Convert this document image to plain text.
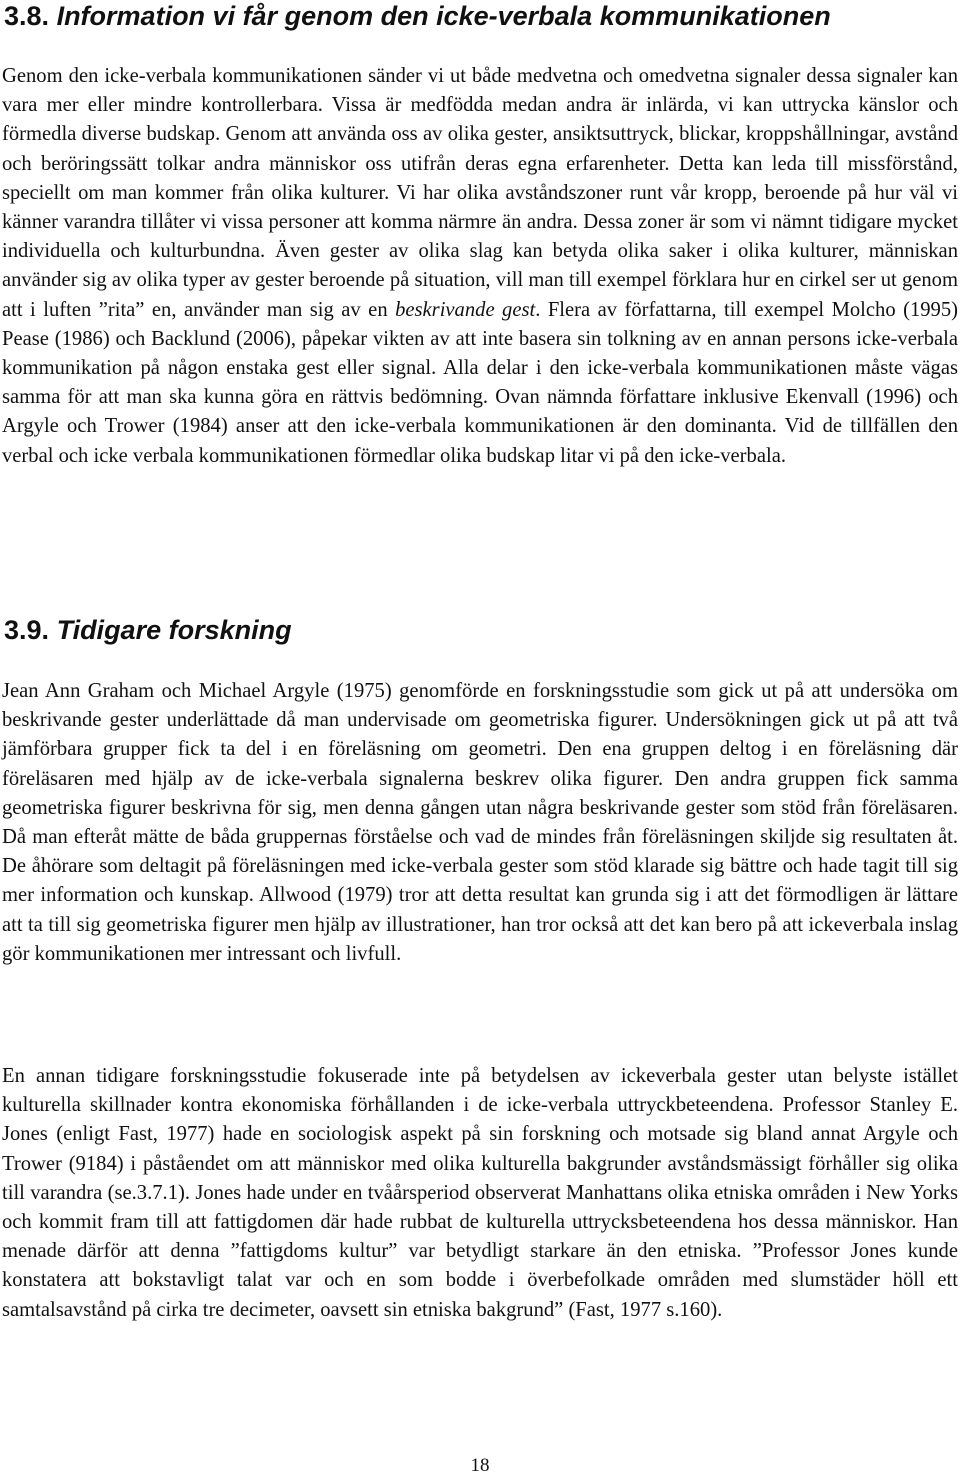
3.8. Information vi får genom den icke-verbala kommunikationen

Genom den icke-verbala kommunikationen sänder vi ut både medvetna och omedvetna signaler dessa signaler kan vara mer eller mindre kontrollerbara. Vissa är medfödda medan andra är inlärda, vi kan uttrycka känslor och förmedla diverse budskap. Genom att använda oss av olika gester, ansiktsuttryck, blickar, kroppshållningar, avstånd och beröringssätt tolkar andra människor oss utifrån deras egna erfarenheter. Detta kan leda till missförstånd, speciellt om man kommer från olika kulturer. Vi har olika avståndszoner runt vår kropp, beroende på hur väl vi känner varandra tillåter vi vissa personer att komma närmre än andra. Dessa zoner är som vi nämnt tidigare mycket individuella och kulturbundna. Även gester av olika slag kan betyda olika saker i olika kulturer, människan använder sig av olika typer av gester beroende på situation, vill man till exempel förklara hur en cirkel ser ut genom att i luften ”rita” en, använder man sig av en beskrivande gest. Flera av författarna, till exempel Molcho (1995) Pease (1986) och Backlund (2006), påpekar vikten av att inte basera sin tolkning av en annan persons icke-verbala kommunikation på någon enstaka gest eller signal. Alla delar i den icke-verbala kommunikationen måste vägas samma för att man ska kunna göra en rättvis bedömning. Ovan nämnda författare inklusive Ekenvall (1996) och Argyle och Trower (1984) anser att den icke-verbala kommunikationen är den dominanta. Vid de tillfällen den verbal och icke verbala kommunikationen förmedlar olika budskap litar vi på den icke-verbala.

3.9. Tidigare forskning

Jean Ann Graham och Michael Argyle (1975) genomförde en forskningsstudie som gick ut på att undersöka om beskrivande gester underlättade då man undervisade om geometriska figurer. Undersökningen gick ut på att två jämförbara grupper fick ta del i en föreläsning om geometri. Den ena gruppen deltog i en föreläsning där föreläsaren med hjälp av de icke-verbala signalerna beskrev olika figurer. Den andra gruppen fick samma geometriska figurer beskrivna för sig, men denna gången utan några beskrivande gester som stöd från föreläsaren. Då man efteråt mätte de båda gruppernas förståelse och vad de mindes från föreläsningen skiljde sig resultaten åt. De åhörare som deltagit på föreläsningen med icke-verbala gester som stöd klarade sig bättre och hade tagit till sig mer information och kunskap. Allwood (1979) tror att detta resultat kan grunda sig i att det förmodligen är lättare att ta till sig geometriska figurer men hjälp av illustrationer, han tror också att det kan bero på att ickeverbala inslag gör kommunikationen mer intressant och livfull.

En annan tidigare forskningsstudie fokuserade inte på betydelsen av ickeverbala gester utan belyste istället kulturella skillnader kontra ekonomiska förhållanden i de icke-verbala uttryckbeteendena. Professor Stanley E. Jones (enligt Fast, 1977) hade en sociologisk aspekt på sin forskning och motsade sig bland annat Argyle och Trower (9184) i påståendet om att människor med olika kulturella bakgrunder avståndsmässigt förhåller sig olika till varandra (se.3.7.1). Jones hade under en tvåårsperiod observerat Manhattans olika etniska områden i New Yorks och kommit fram till att fattigdomen där hade rubbat de kulturella uttrycksbeteendena hos dessa människor. Han menade därför att denna ”fattigdoms kultur” var betydligt starkare än den etniska. ”Professor Jones kunde konstatera att bokstavligt talat var och en som bodde i överbefolkade områden med slumstäder höll ett samtalsavstånd på cirka tre decimeter, oavsett sin etniska bakgrund” (Fast, 1977 s.160).

18
